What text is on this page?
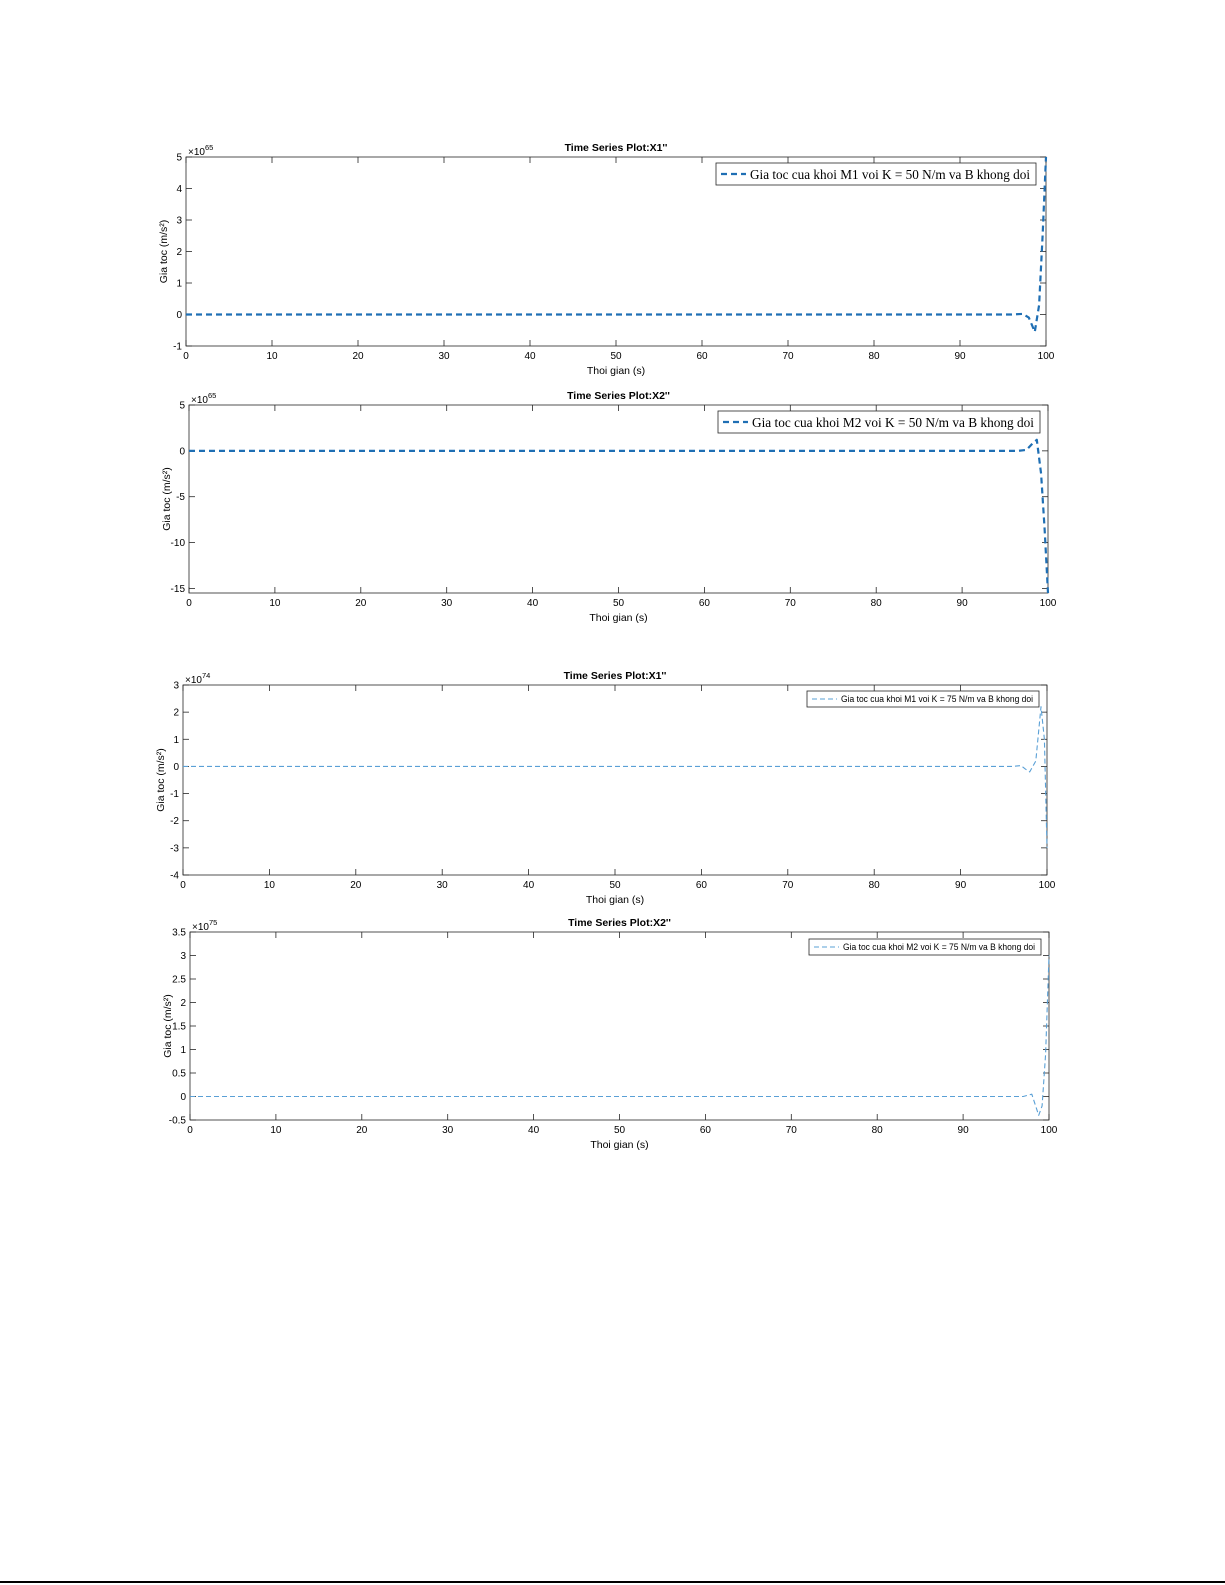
Time Series Plot:X1''
0	10	20	30	40	50	60	70	80	90	100
-1
0
1
2
3
4
$5 \times 10^{65}$
Thoi gian (s)
Gia toc (m/s²)
Gia toc cua khoi M1 voi K = 50 N/m va B khong doi
Time Series Plot:X2''
0	10	20	30	40	50	60	70	80	90	100
-15
-10
-5
0
$5 \times 10^{65}$
Thoi gian (s)
Gia toc (m/s²)
Gia toc cua khoi M2 voi K = 50 N/m va B khong doi
Time Series Plot:X1''
0	10	20	30	40	50	60	70	80	90	100
-4
-3
-2
-1
0
1
2
$3 \times 10^{74}$
Thoi gian (s)
Gia toc (m/s²)
Gia toc cua khoi M1 voi K = 75 N/m va B khong doi
Time Series Plot:X2''
0	10	20	30	40	50	60	70	80	90	100
-0.5
0
0.5
1
1.5
2
2.5
3
$3.5 \times 10^{75}$
Thoi gian (s)
Gia toc (m/s²)
Gia toc cua khoi M2 voi K = 75 N/m va B khong doi
